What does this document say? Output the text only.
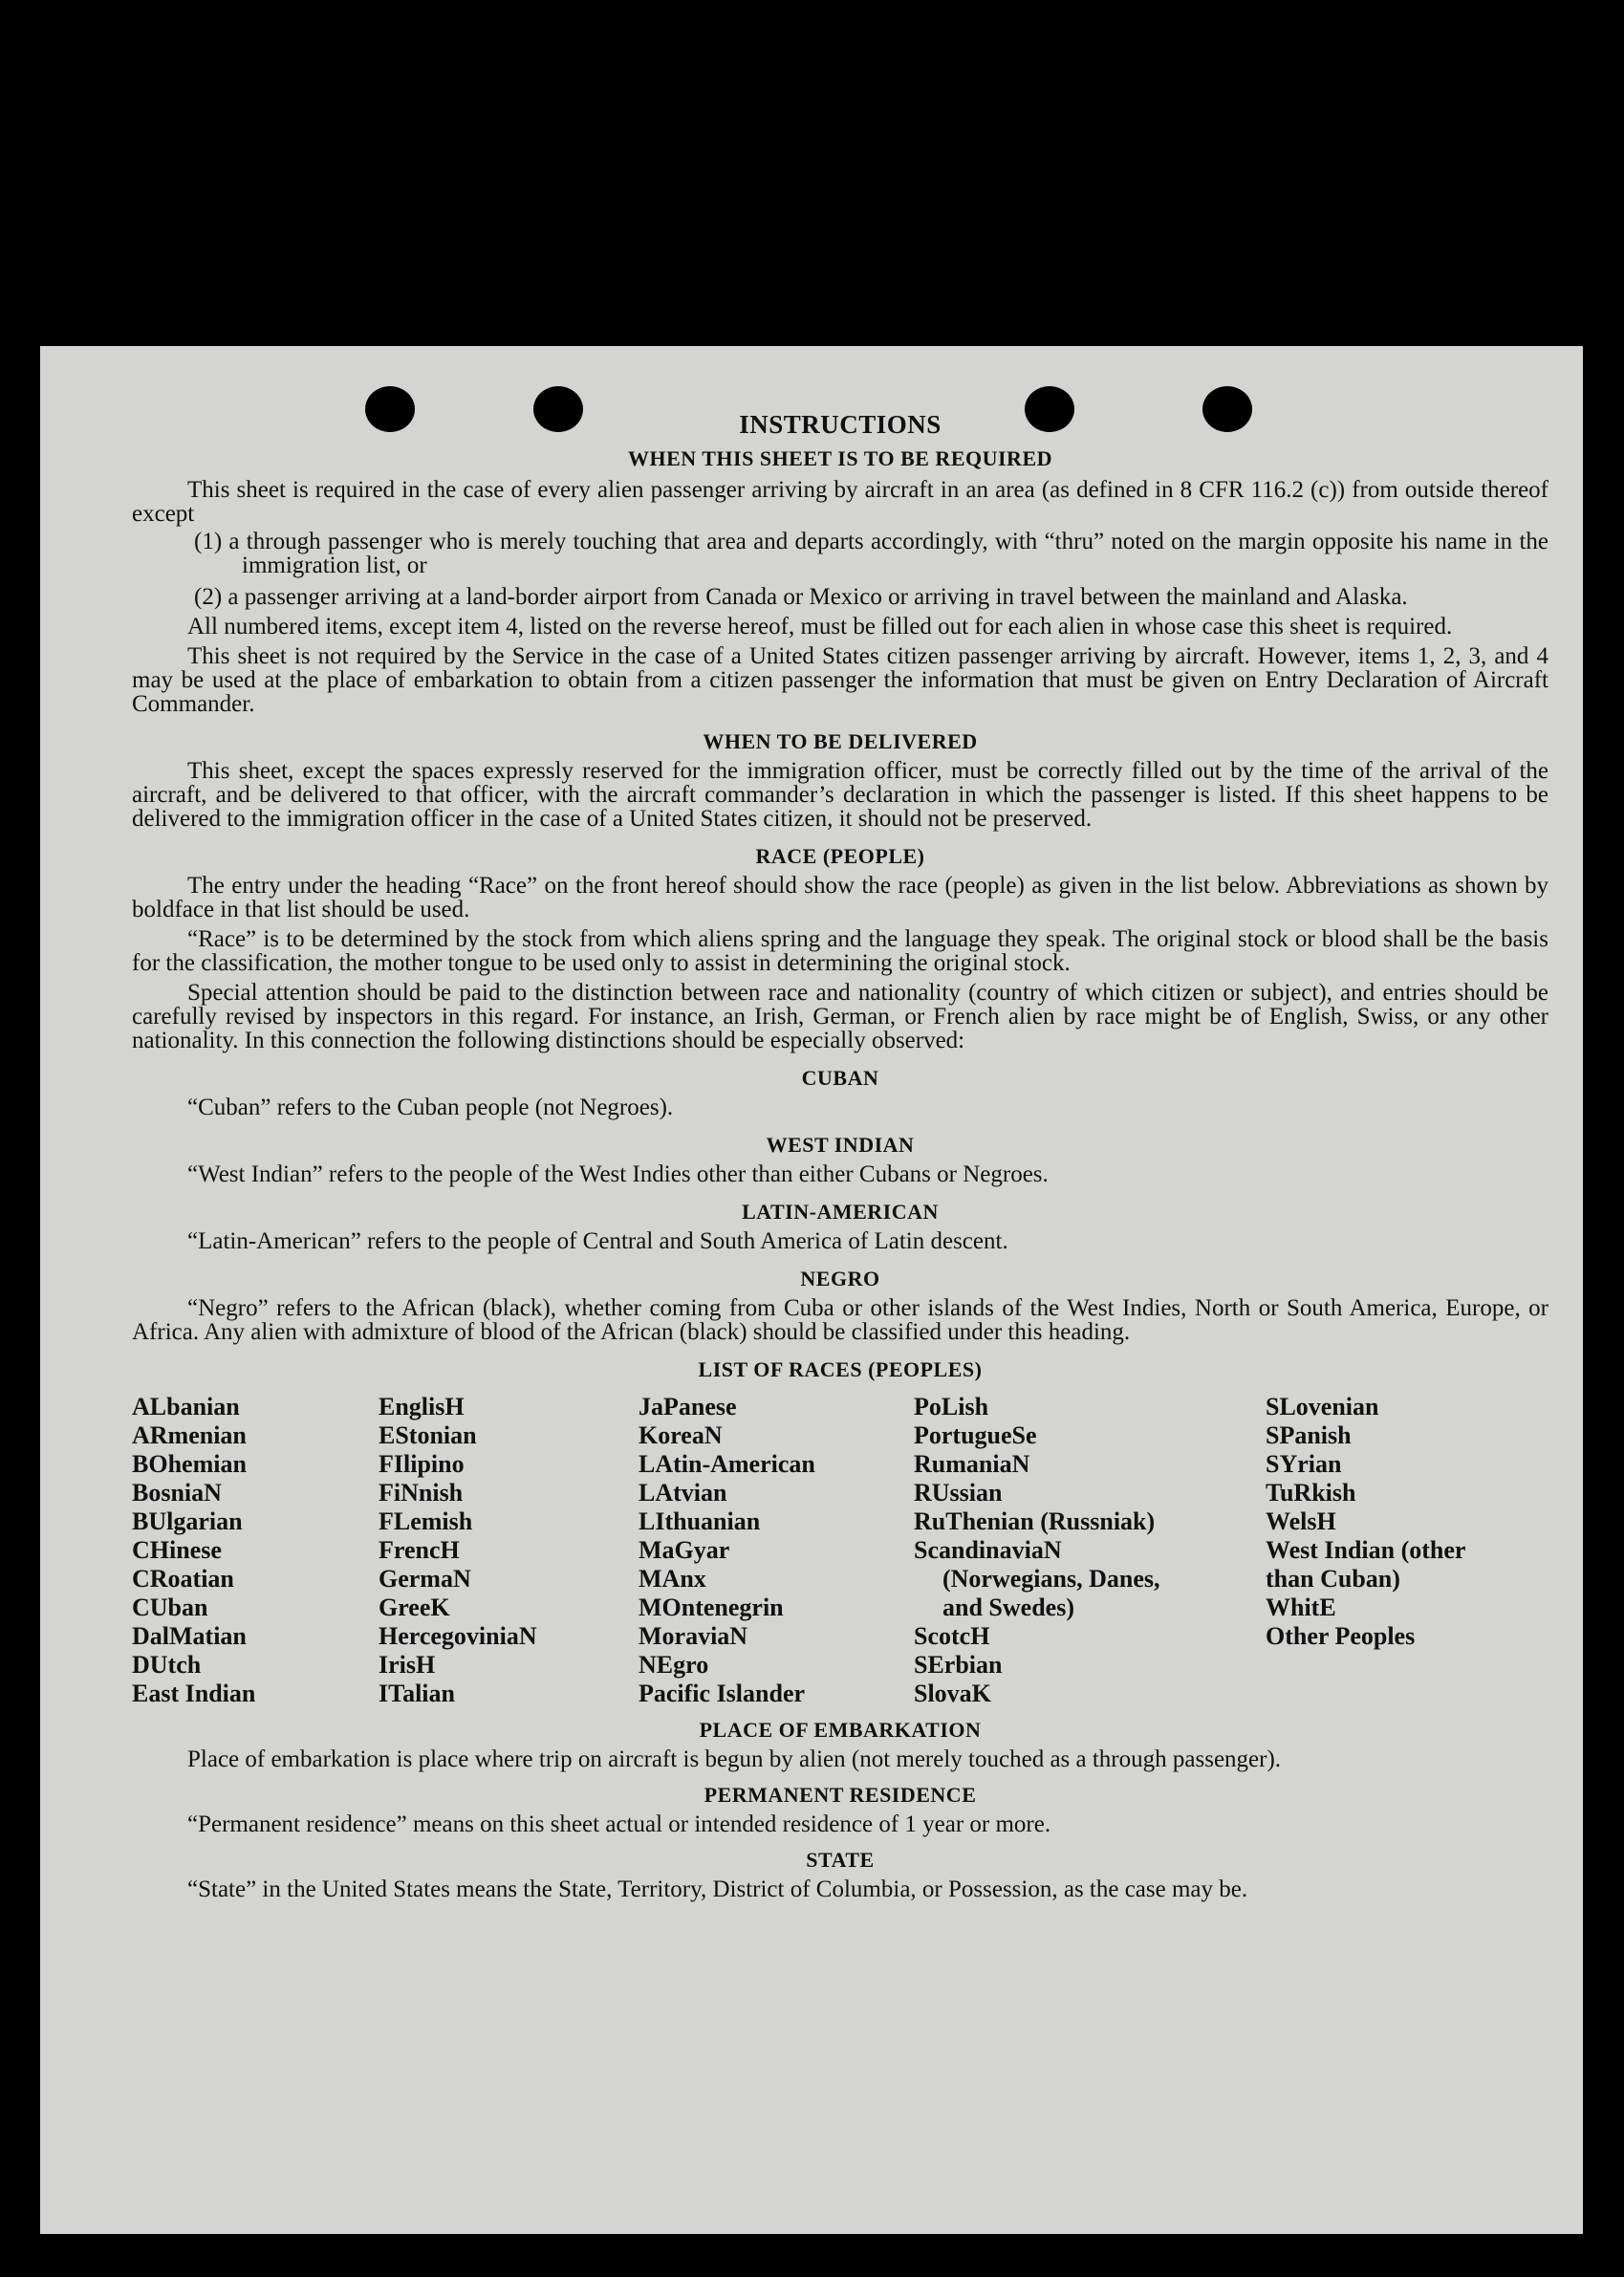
INSTRUCTIONS
WHEN THIS SHEET IS TO BE REQUIRED

This sheet is required in the case of every alien passenger arriving by aircraft in an area (as defined in 8 CFR 116.2 (c)) from outside thereof except

(1) a through passenger who is merely touching that area and departs accordingly, with “thru” noted on the margin opposite his name in the immigration list, or

(2) a passenger arriving at a land-border airport from Canada or Mexico or arriving in travel between the mainland and Alaska.

All numbered items, except item 4, listed on the reverse hereof, must be filled out for each alien in whose case this sheet is required.

This sheet is not required by the Service in the case of a United States citizen passenger arriving by aircraft. However, items 1, 2, 3, and 4 may be used at the place of embarkation to obtain from a citizen passenger the information that must be given on Entry Declaration of Aircraft Commander.

WHEN TO BE DELIVERED

This sheet, except the spaces expressly reserved for the immigration officer, must be correctly filled out by the time of the arrival of the aircraft, and be delivered to that officer, with the aircraft commander’s declaration in which the passenger is listed. If this sheet happens to be delivered to the immigration officer in the case of a United States citizen, it should not be preserved.

RACE (PEOPLE)

The entry under the heading “Race” on the front hereof should show the race (people) as given in the list below. Abbreviations as shown by boldface in that list should be used.

“Race” is to be determined by the stock from which aliens spring and the language they speak. The original stock or blood shall be the basis for the classification, the mother tongue to be used only to assist in determining the original stock.

Special attention should be paid to the distinction between race and nationality (country of which citizen or subject), and entries should be carefully revised by inspectors in this regard. For instance, an Irish, German, or French alien by race might be of English, Swiss, or any other nationality. In this connection the following distinctions should be especially observed:

CUBAN

“Cuban” refers to the Cuban people (not Negroes).

WEST INDIAN

“West Indian” refers to the people of the West Indies other than either Cubans or Negroes.

LATIN-AMERICAN

“Latin-American” refers to the people of Central and South America of Latin descent.

NEGRO

“Negro” refers to the African (black), whether coming from Cuba or other islands of the West Indies, North or South America, Europe, or Africa. Any alien with admixture of blood of the African (black) should be classified under this heading.

LIST OF RACES (PEOPLES)
ALbanian
ARmenian
BOhemian
BosniaN
BUlgarian
CHinese
CRoatian
CUban
DalMatian
DUtch
East Indian
EnglisH
EStonian
FIlipino
FiNnish
FLemish
FrencH
GermaN
GreeK
HercegoviniaN
IrisH
ITalian
JaPanese
KoreaN
LAtin-American
LAtvian
LIthuanian
MaGyar
MAnx
MOntenegrin
MoraviaN
NEgro
Pacific Islander
PoLish
PortugueSe
RumaniaN
RUssian
RuThenian (Russniak)
ScandinaviaN (Norwegians, Danes, and Swedes)
ScotcH
SErbian
SlovaK
SLovenian
SPanish
SYrian
TuRkish
WelsH
West Indian (other than Cuban)
WhitE
Other Peoples
PLACE OF EMBARKATION

Place of embarkation is place where trip on aircraft is begun by alien (not merely touched as a through passenger).

PERMANENT RESIDENCE

“Permanent residence” means on this sheet actual or intended residence of 1 year or more.

STATE

“State” in the United States means the State, Territory, District of Columbia, or Possession, as the case may be.
